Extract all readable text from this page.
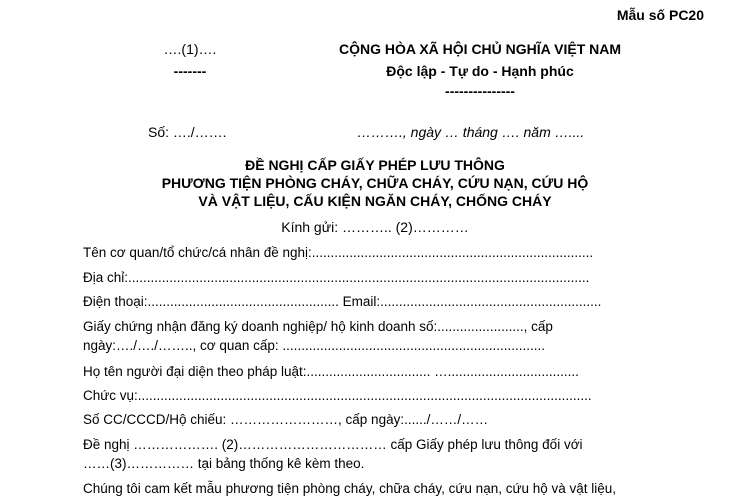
Mẫu số PC20
….(1)….
-------
CỘNG HÒA XÃ HỘI CHỦ NGHĨA VIỆT NAM
Độc lập - Tự do - Hạnh phúc
---------------
Số: …./…….	………., ngày … tháng …. năm …....
ĐỀ NGHỊ CẤP GIẤY PHÉP LƯU THÔNG
PHƯƠNG TIỆN PHÒNG CHÁY, CHỮA CHÁY, CỨU NẠN, CỨU HỘ
VÀ VẬT LIỆU, CẤU KIỆN NGĂN CHÁY, CHỐNG CHÁY
Kính gửi: ……….. (2)…………
Tên cơ quan/tổ chức/cá nhân đề nghị:...........................................................................
Địa chỉ:...........................................................................................................................
Điện thoại:................................................... Email:...........................................................
Giấy chứng nhận đăng ký doanh nghiệp/ hộ kinh doanh số:......................., cấp
ngày:…./…./…….., cơ quan cấp: ......................................................................
Họ tên người đại diện theo pháp luật:................................. …...................................
Chức vụ:.........................................................................................................................
Số CC/CCCD/Hộ chiếu: ……………………, cấp ngày:....../……/……
Đề nghị ………………. (2)…………………………… cấp Giấy phép lưu thông đối với
……(3)…………… tại bảng thống kê kèm theo.
Chúng tôi cam kết mẫu phương tiện phòng cháy, chữa cháy, cứu nạn, cứu hộ và vật liệu,
